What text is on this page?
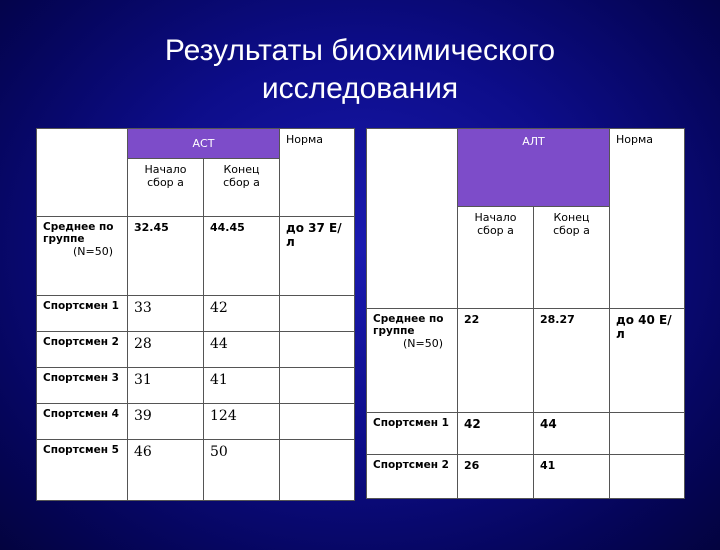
Результаты биохимического
исследования
	АСТ		Норма
	Начало сбор а	Конец сбор а	
Среднее по группе
(N=50)	32.45	44.45	до 37 Е/л
Спортсмен 1	33	42	
Спортсмен 2	28	44	
Спортсмен 3	31	41	
Спортсмен 4	39	124	
Спортсмен 5	46	50	
	АЛТ		Норма
	Начало сбор а	Конец сбор а	
Среднее по группе
(N=50)	22	28.27	до 40 Е/л
Спортсмен 1	42	44	
Спортсмен 2	26	41	
